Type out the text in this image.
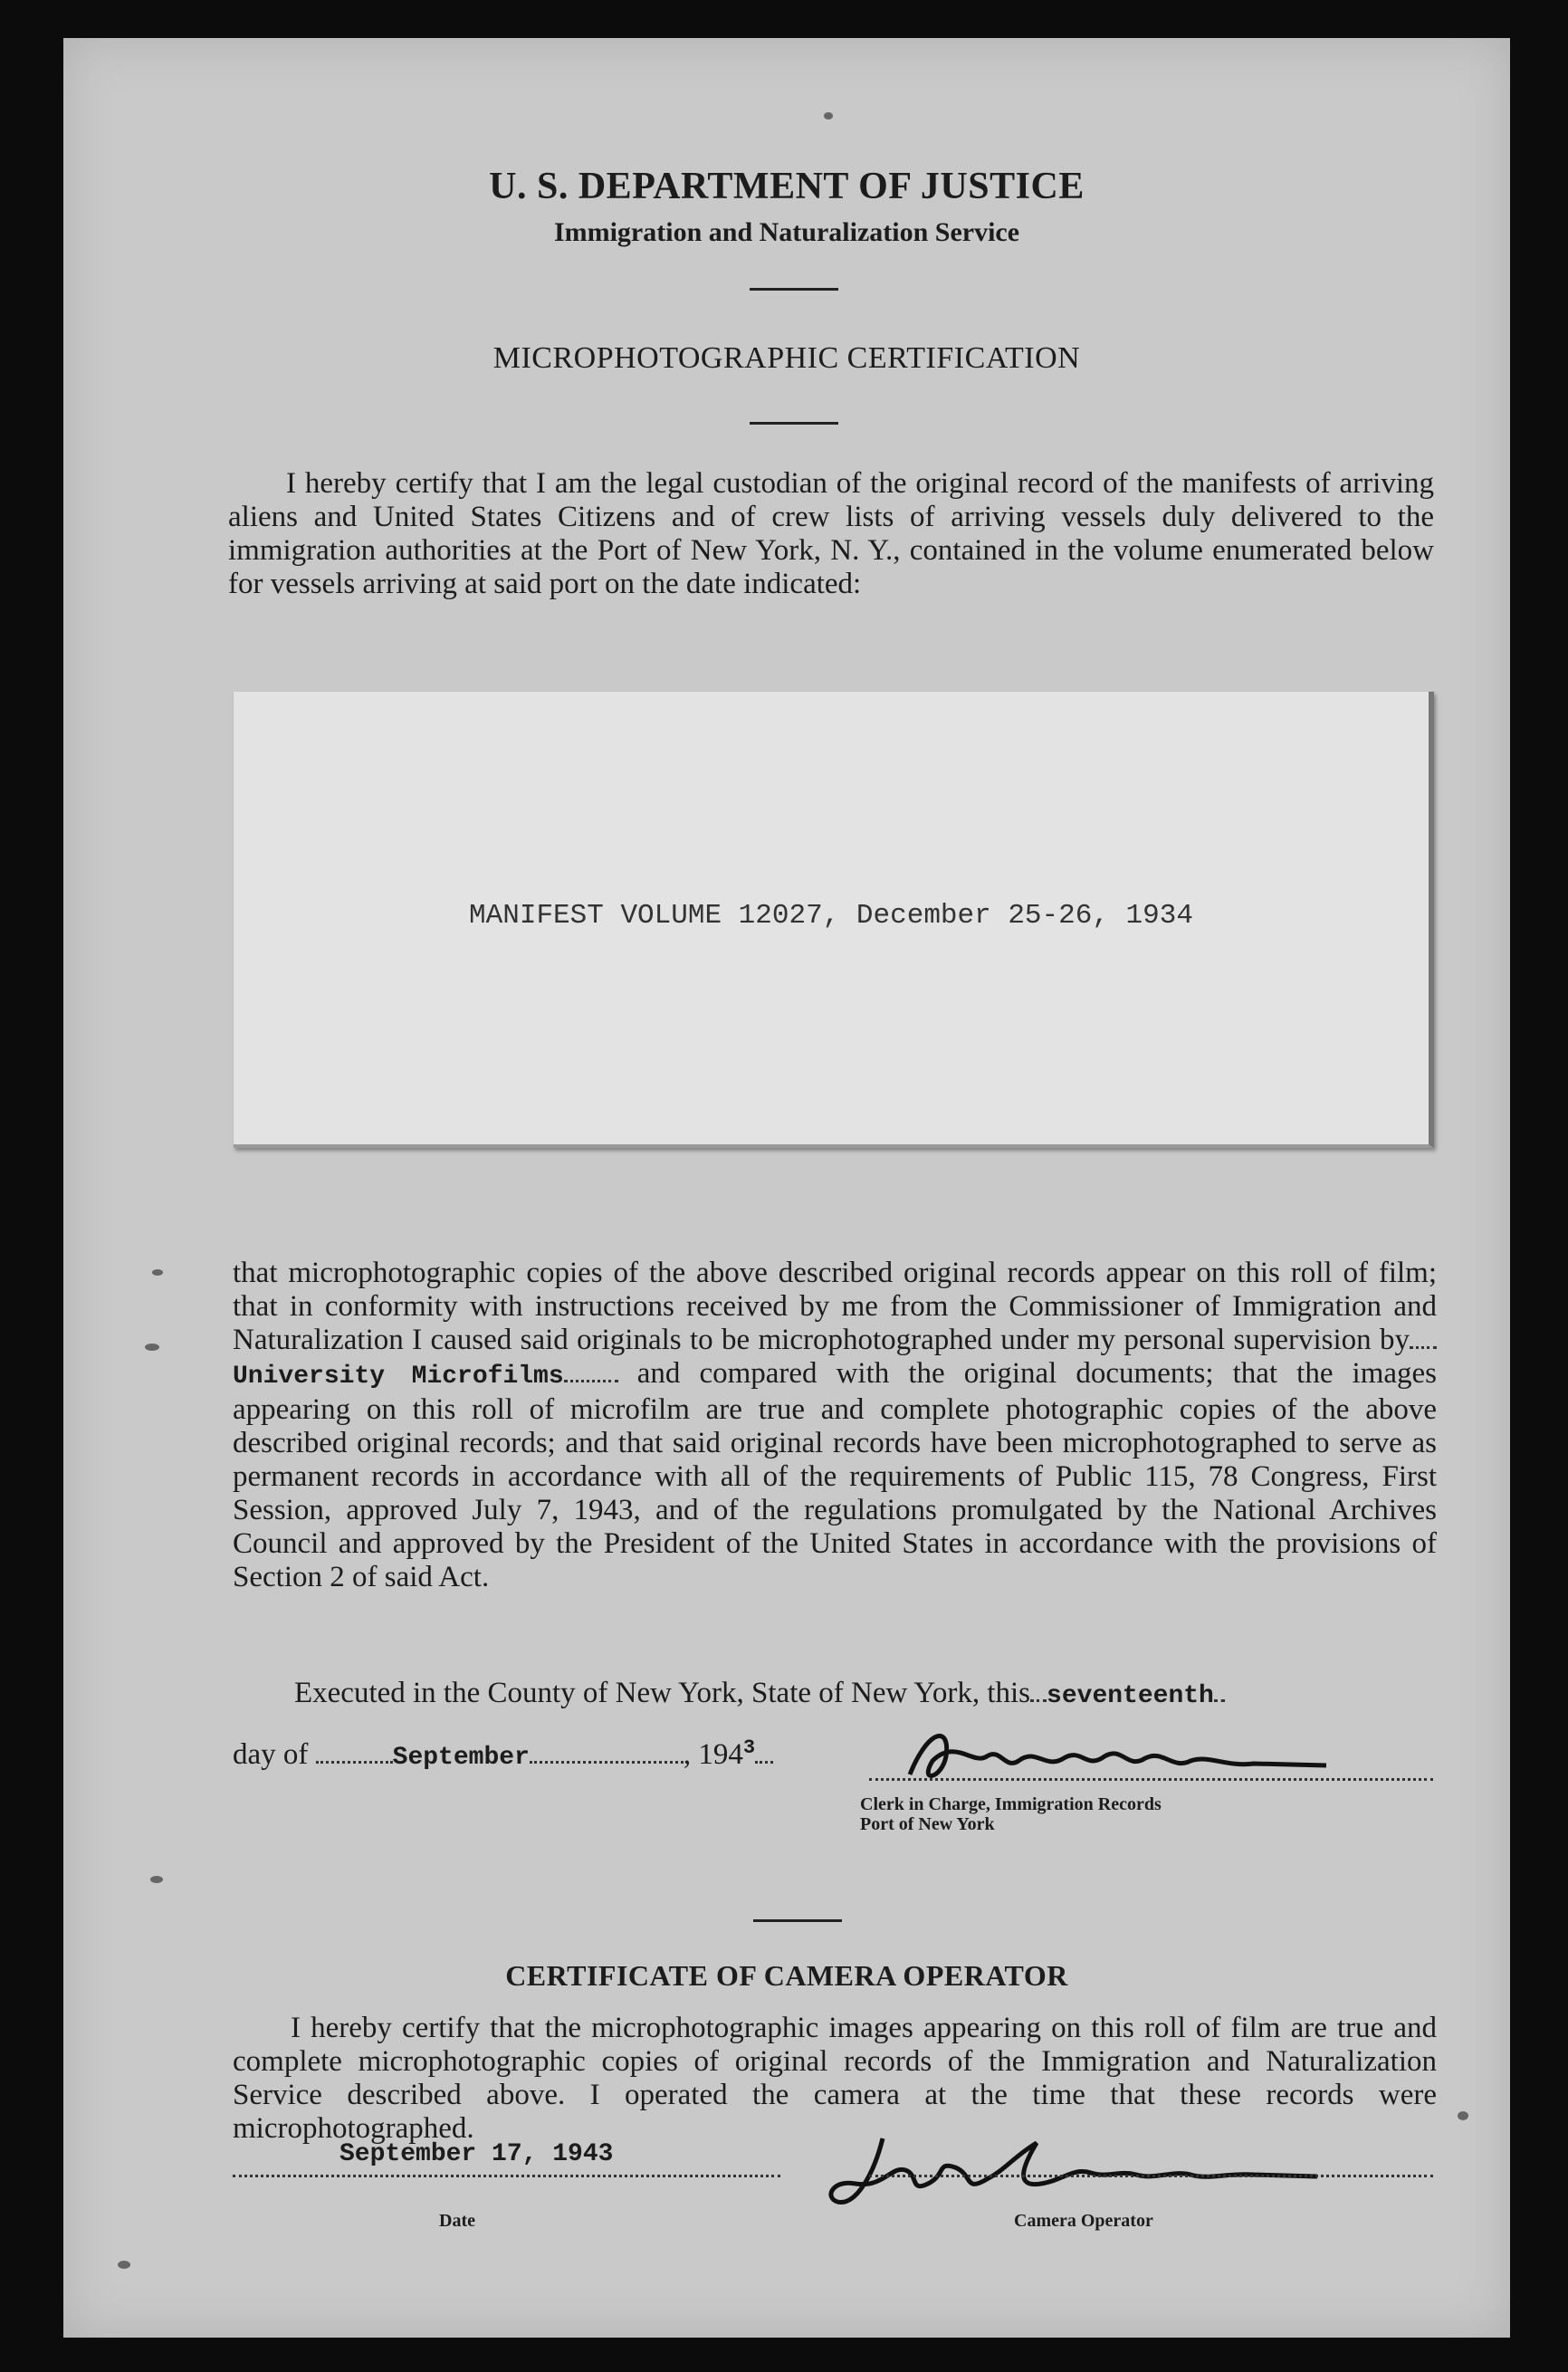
U. S. DEPARTMENT OF JUSTICE
Immigration and Naturalization Service
MICROPHOTOGRAPHIC CERTIFICATION

I hereby certify that I am the legal custodian of the original record of the manifests of arriving aliens and United States Citizens and of crew lists of arriving vessels duly delivered to the immigration authorities at the Port of New York, N. Y., contained in the volume enumerated below for vessels arriving at said port on the date indicated:

MANIFEST VOLUME 12027, December 25-26, 1934

that microphotographic copies of the above described original records appear on this roll of film; that in conformity with instructions received by me from the Commissioner of Immigration and Naturalization I caused said originals to be microphotographed under my personal supervision byUniversity Microfilms and compared with the original documents; that the images appearing on this roll of microfilm are true and complete photographic copies of the above described original records; and that said original records have been microphotographed to serve as permanent records in accordance with all of the requirements of Public 115, 78 Congress, First Session, approved July 7, 1943, and of the regulations promulgated by the National Archives Council and approved by the President of the United States in accordance with the provisions of Section 2 of said Act.

Executed in the County of New York, State of New York, this seventeenth
day of	September	, $194^3$
Clerk in Charge, Immigration Records
Port of New York
CERTIFICATE OF CAMERA OPERATOR

I hereby certify that the microphotographic images appearing on this roll of film are true and complete microphotographic copies of original records of the Immigration and Naturalization Service described above. I operated the camera at the time that these records were microphotographed.

September 17, 1943
Date	Camera Operator
